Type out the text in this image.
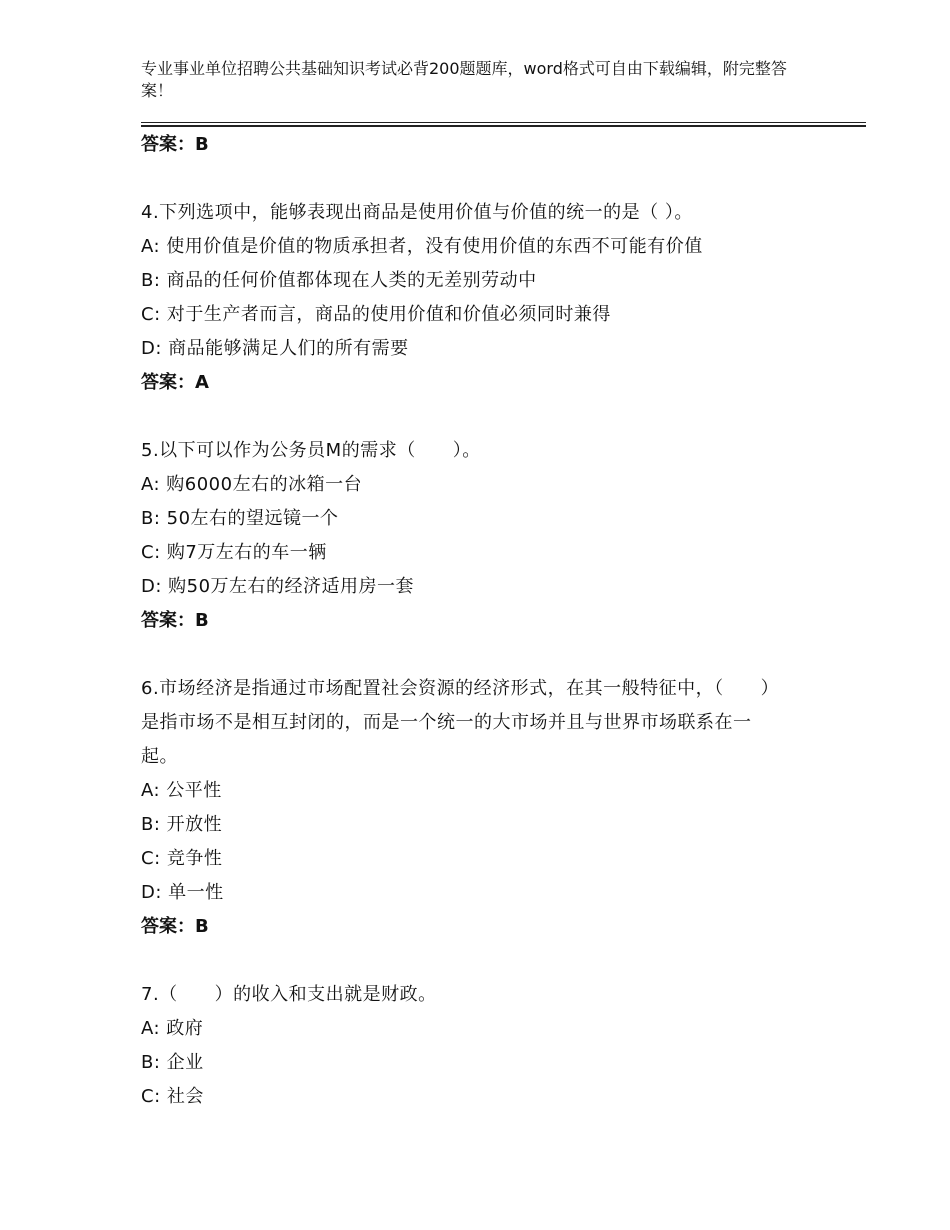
专业事业单位招聘公共基础知识考试必背200题题库，word格式可自由下载编辑，附完整答案！
答案：B
4.下列选项中，能够表现出商品是使用价值与价值的统一的是（ ）。
A: 使用价值是价值的物质承担者，没有使用价值的东西不可能有价值
B: 商品的任何价值都体现在人类的无差别劳动中
C: 对于生产者而言，商品的使用价值和价值必须同时兼得
D: 商品能够满足人们的所有需要
答案：A
5.以下可以作为公务员M的需求（　　）。
A: 购6000左右的冰箱一台
B: 50左右的望远镜一个
C: 购7万左右的车一辆
D: 购50万左右的经济适用房一套
答案：B
6.市场经济是指通过市场配置社会资源的经济形式，在其一般特征中，（　　）是指市场不是相互封闭的，而是一个统一的大市场并且与世界市场联系在一起。
A: 公平性
B: 开放性
C: 竞争性
D: 单一性
答案：B
7.（　　）的收入和支出就是财政。
A: 政府
B: 企业
C: 社会
